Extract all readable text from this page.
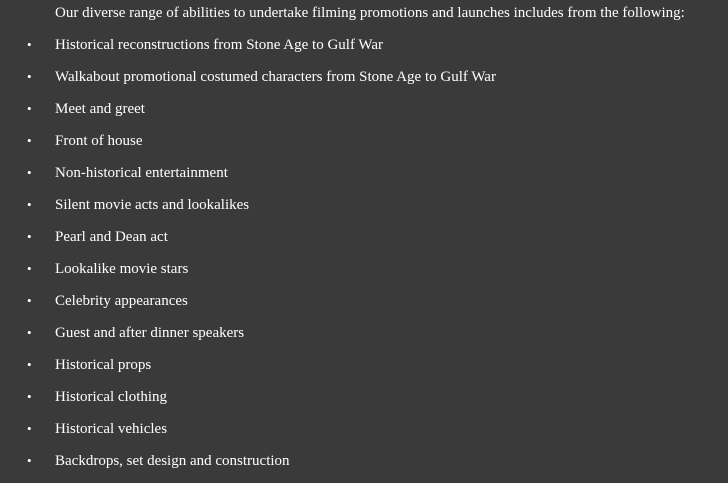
Our diverse range of abilities to undertake filming promotions and launches includes from the following:
• Historical reconstructions from Stone Age to Gulf War
• Walkabout promotional costumed characters from Stone Age to Gulf War
• Meet and greet
• Front of house
• Non-historical entertainment
• Silent movie acts and lookalikes
• Pearl and Dean act
• Lookalike movie stars
• Celebrity appearances
• Guest and after dinner speakers
• Historical props
• Historical clothing
• Historical vehicles
• Backdrops, set design and construction
